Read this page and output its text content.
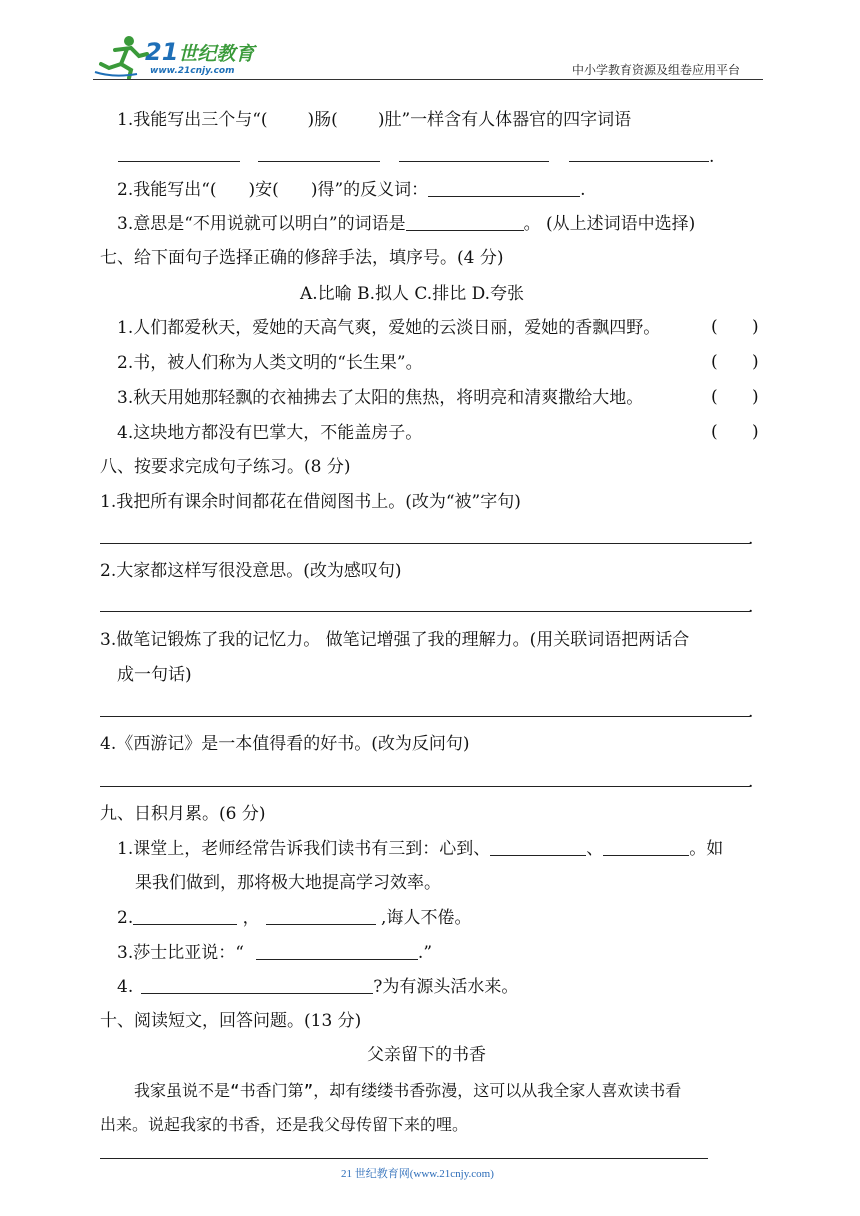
21世纪教育
www.21cnjy.com	中小学教育资源及组卷应用平台
1.我能写出三个与“( )肠( )肚”一样含有人体器官的四字词语
.
2.我能写出“( )安( )得”的反义词：	.
3.意思是“不用说就可以明白”的词语是	。 (从上述词语中选择)
七、给下面句子选择正确的修辞手法，填序号。(4 分)
A.比喻 B.拟人 C.排比 D.夸张
1.人们都爱秋天，爱她的天高气爽，爱她的云淡日丽，爱她的香飘四野。	( )
2.书，被人们称为人类文明的“长生果”。	( )
3.秋天用她那轻飘的衣袖拂去了太阳的焦热，将明亮和清爽撒给大地。	( )
4.这块地方都没有巴掌大，不能盖房子。	( )
八、按要求完成句子练习。(8 分)
1.我把所有课余时间都花在借阅图书上。(改为“被”字句)
.
2.大家都这样写很没意思。(改为感叹句)
.
3.做笔记锻炼了我的记忆力。 做笔记增强了我的理解力。(用关联词语把两话合
成一句话)
.
4.《西游记》是一本值得看的好书。(改为反问句)
.
九、日积月累。(6 分)
1.课堂上，老师经常告诉我们读书有三到：心到、	、	。如
果我们做到，那将极大地提高学习效率。
2.	，	,诲人不倦。
3.莎士比亚说：“	.”
4.	?为有源头活水来。
十、阅读短文，回答问题。(13 分)
父亲留下的书香
我家虽说不是“书香门第”，却有缕缕书香弥漫，这可以从我全家人喜欢读书看
出来。说起我家的书香，还是我父母传留下来的哩。
21 世纪教育网(www.21cnjy.com)
